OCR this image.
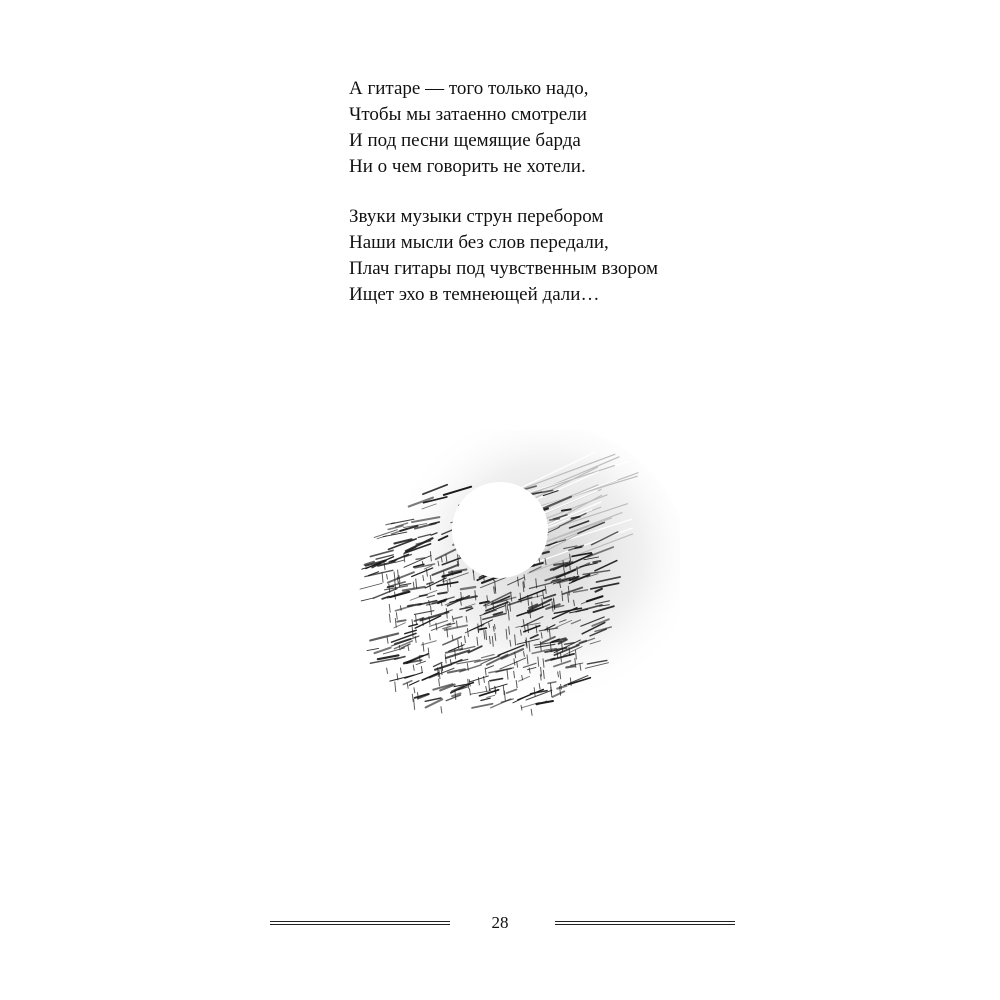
А гитаре — того только надо,
Чтобы мы затаенно смотрели
И под песни щемящие барда
Ни о чем говорить не хотели.
Звуки музыки струн перебором
Наши мысли без слов передали,
Плач гитары под чувственным взором
Ищет эхо в темнеющей дали…
28
